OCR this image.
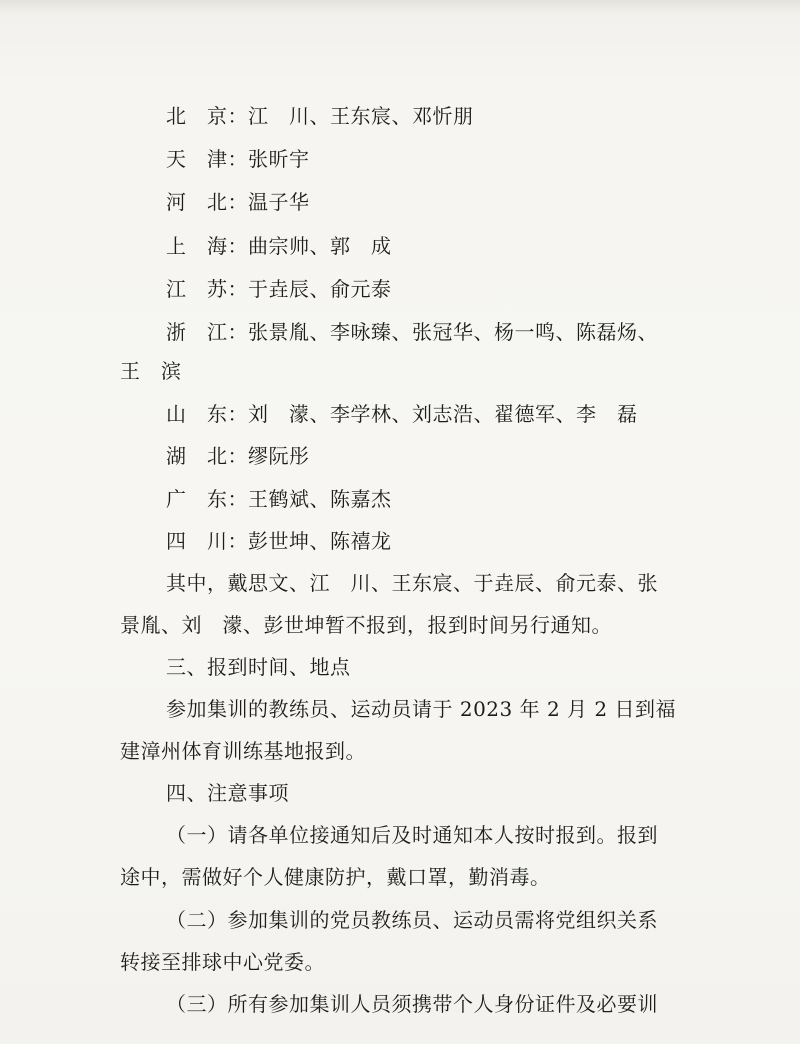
北　京：江　川、王东宸、邓忻朋
天　津：张昕宇
河　北：温子华
上　海：曲宗帅、郭　成
江　苏：于垚辰、俞元泰
浙　江：张景胤、李咏臻、张冠华、杨一鸣、陈磊炀、
王　滨
山　东：刘　濛、李学林、刘志浩、翟德军、李　磊
湖　北：缪阮彤
广　东：王鹤斌、陈嘉杰
四　川：彭世坤、陈禧龙
其中，戴思文、江　川、王东宸、于垚辰、俞元泰、张
景胤、刘　濛、彭世坤暂不报到，报到时间另行通知。
三、报到时间、地点
参加集训的教练员、运动员请于 2023 年 2 月 2 日到福
建漳州体育训练基地报到。
四、注意事项
（一）请各单位接通知后及时通知本人按时报到。报到
途中，需做好个人健康防护，戴口罩，勤消毒。
（二）参加集训的党员教练员、运动员需将党组织关系
转接至排球中心党委。
（三）所有参加集训人员须携带个人身份证件及必要训
